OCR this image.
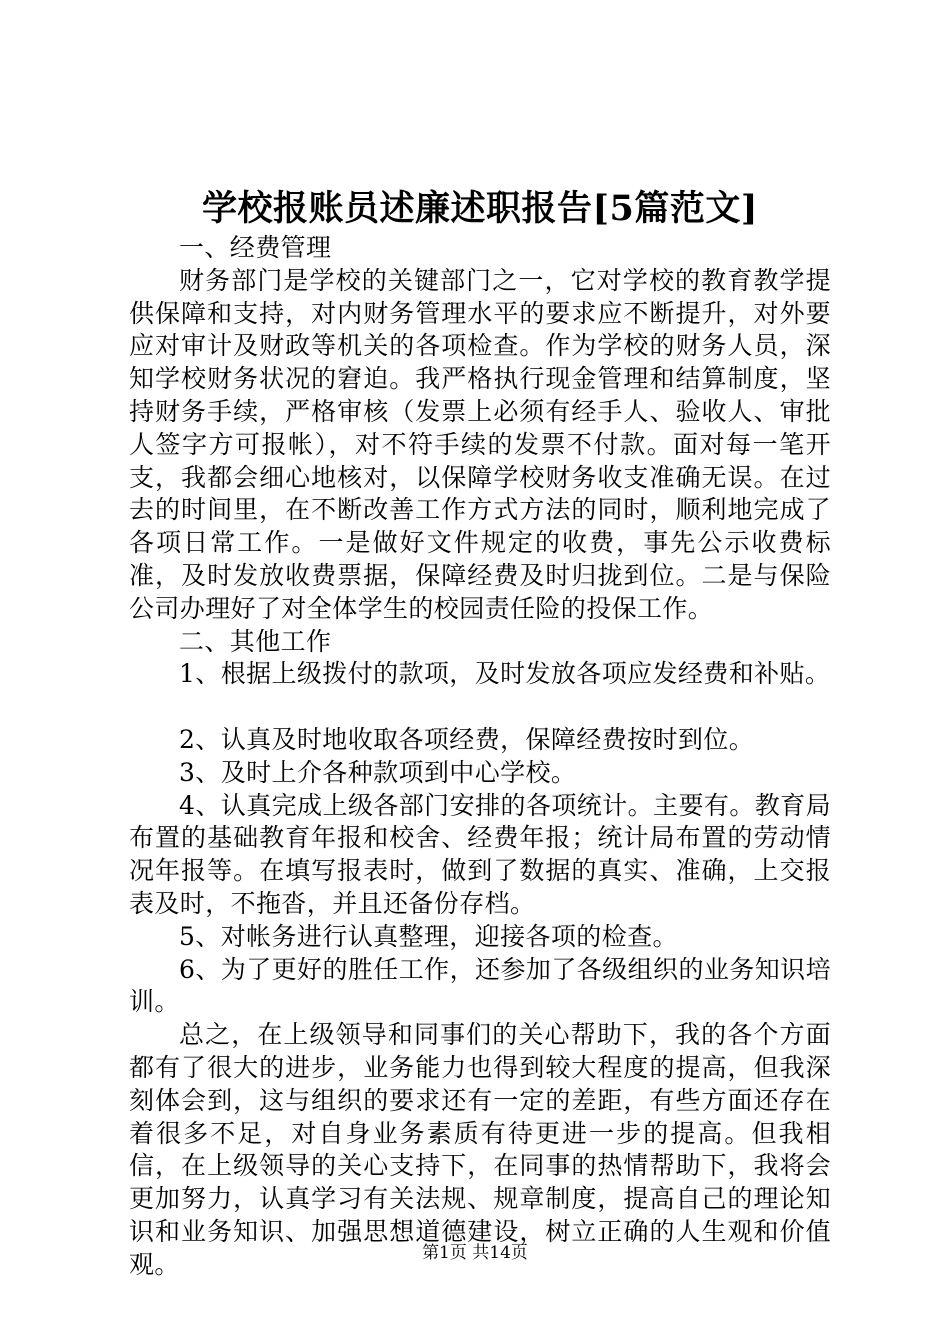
学校报账员述廉述职报告[5篇范文]

一、经费管理

财务部门是学校的关键部门之一，它对学校的教育教学提供保障和支持，对内财务管理水平的要求应不断提升，对外要应对审计及财政等机关的各项检查。作为学校的财务人员，深知学校财务状况的窘迫。我严格执行现金管理和结算制度，坚持财务手续，严格审核（发票上必须有经手人、验收人、审批人签字方可报帐），对不符手续的发票不付款。面对每一笔开支，我都会细心地核对，以保障学校财务收支准确无误。在过去的时间里，在不断改善工作方式方法的同时，顺利地完成了各项日常工作。一是做好文件规定的收费，事先公示收费标准，及时发放收费票据，保障经费及时归拢到位。二是与保险公司办理好了对全体学生的校园责任险的投保工作。

二、其他工作

1、根据上级拨付的款项，及时发放各项应发经费和补贴。

2、认真及时地收取各项经费，保障经费按时到位。

3、及时上介各种款项到中心学校。

4、认真完成上级各部门安排的各项统计。主要有。教育局布置的基础教育年报和校舍、经费年报；统计局布置的劳动情况年报等。在填写报表时，做到了数据的真实、准确，上交报表及时，不拖沓，并且还备份存档。

5、对帐务进行认真整理，迎接各项的检查。

6、为了更好的胜任工作，还参加了各级组织的业务知识培训。

总之，在上级领导和同事们的关心帮助下，我的各个方面都有了很大的进步，业务能力也得到较大程度的提高，但我深刻体会到，这与组织的要求还有一定的差距，有些方面还存在着很多不足，对自身业务素质有待更进一步的提高。但我相信，在上级领导的关心支持下，在同事的热情帮助下，我将会更加努力，认真学习有关法规、规章制度，提高自己的理论知识和业务知识、加强思想道德建设，树立正确的人生观和价值观。	第1页 共14页
